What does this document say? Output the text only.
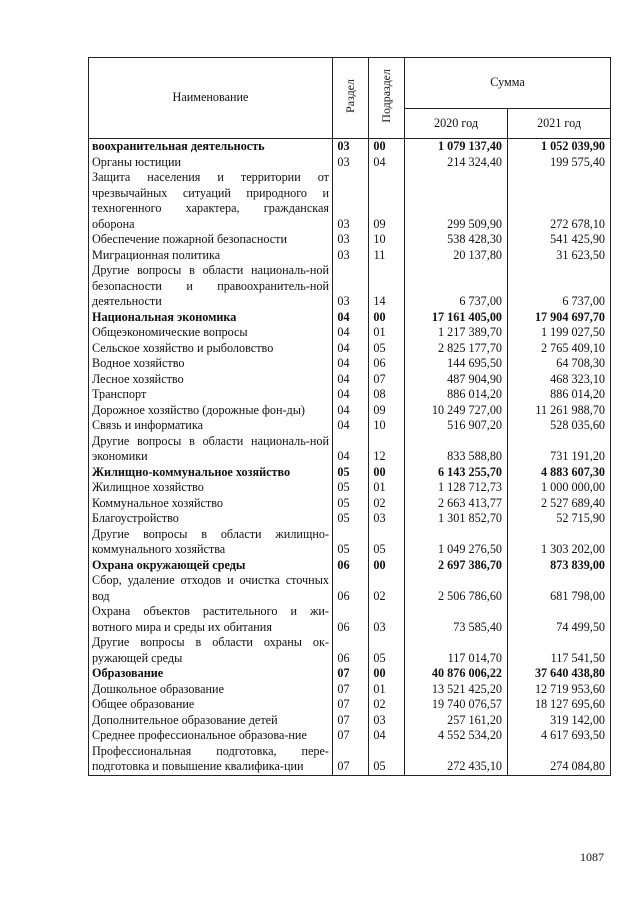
Наименование	Раздел	Подраздел	Сумма	
			2020 год	2021 год
воохранительная деятельность	03	00	1 079 137,40	1 052 039,90
Органы юстиции	03	04	214 324,40	199 575,40
Защита населения и территории от чрезвычайных ситуаций природного и техногенного характера, гражданская оборона	03	09	299 509,90	272 678,10
Обеспечение пожарной безопасности	03	10	538 428,30	541 425,90
Миграционная политика	03	11	20 137,80	31 623,50
Другие вопросы в области националь-ной безопасности и правоохранитель-ной деятельности	03	14	6 737,00	6 737,00
Национальная экономика	04	00	17 161 405,00	17 904 697,70
Общеэкономические вопросы	04	01	1 217 389,70	1 199 027,50
Сельское хозяйство и рыболовство	04	05	2 825 177,70	2 765 409,10
Водное хозяйство	04	06	144 695,50	64 708,30
Лесное хозяйство	04	07	487 904,90	468 323,10
Транспорт	04	08	886 014,20	886 014,20
Дорожное хозяйство (дорожные фон-ды)	04	09	10 249 727,00	11 261 988,70
Связь и информатика	04	10	516 907,20	528 035,60
Другие вопросы в области националь-ной экономики	04	12	833 588,80	731 191,20
Жилищно-коммунальное хозяйство	05	00	6 143 255,70	4 883 607,30
Жилищное хозяйство	05	01	1 128 712,73	1 000 000,00
Коммунальное хозяйство	05	02	2 663 413,77	2 527 689,40
Благоустройство	05	03	1 301 852,70	52 715,90
Другие вопросы в области жилищно-коммунального хозяйства	05	05	1 049 276,50	1 303 202,00
Охрана окружающей среды	06	00	2 697 386,70	873 839,00
Сбор, удаление отходов и очистка сточных вод	06	02	2 506 786,60	681 798,00
Охрана объектов растительного и жи-вотного мира и среды их обитания	06	03	73 585,40	74 499,50
Другие вопросы в области охраны ок-ружающей среды	06	05	117 014,70	117 541,50
Образование	07	00	40 876 006,22	37 640 438,80
Дошкольное образование	07	01	13 521 425,20	12 719 953,60
Общее образование	07	02	19 740 076,57	18 127 695,60
Дополнительное образование детей	07	03	257 161,20	319 142,00
Среднее профессиональное образова-ние	07	04	4 552 534,20	4 617 693,50
Профессиональная подготовка, пере-подготовка и повышение квалифика-ции	07	05	272 435,10	274 084,80
1087
